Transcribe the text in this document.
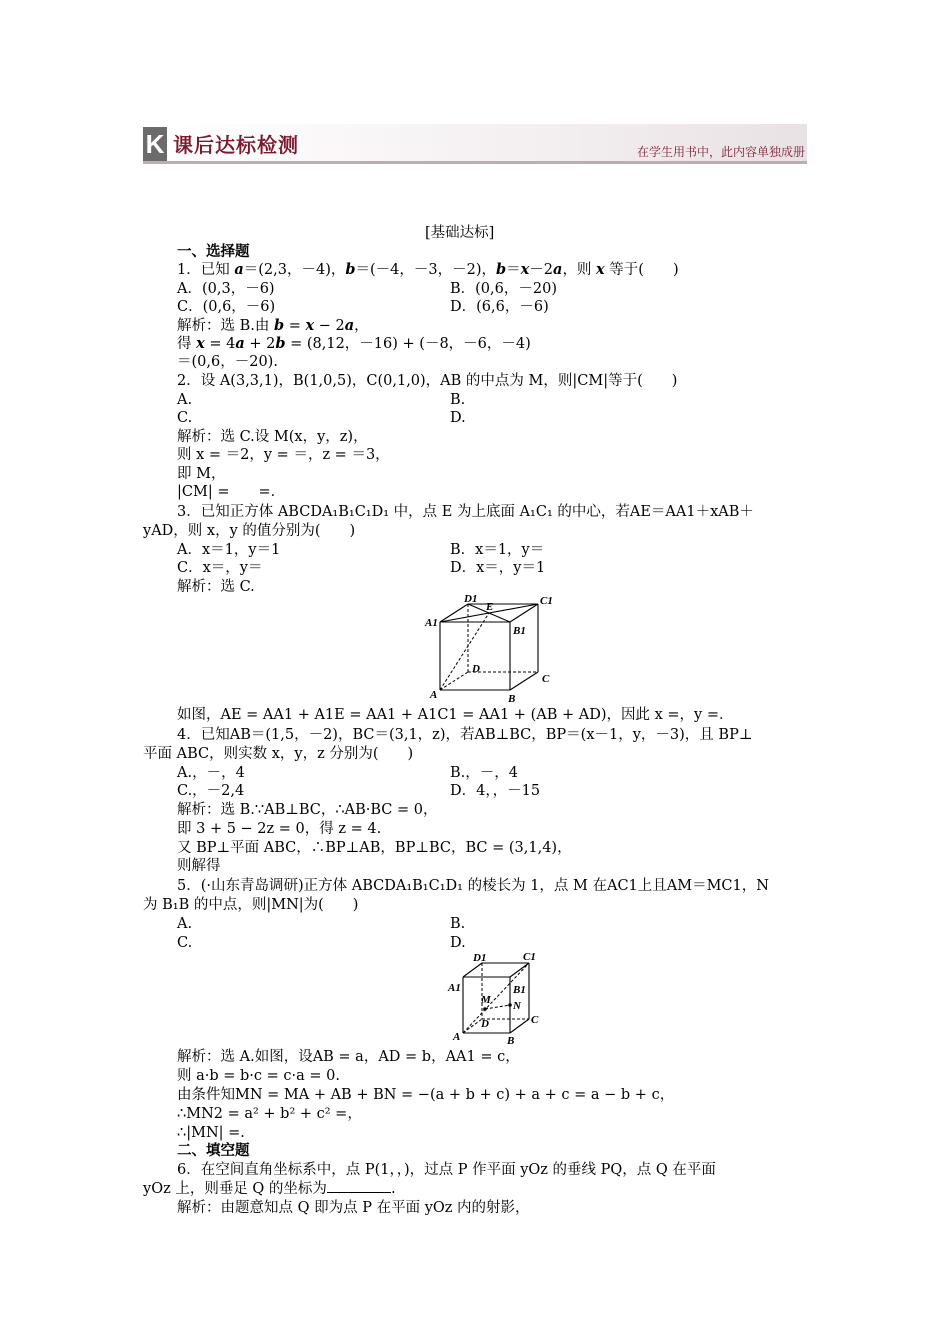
K 课后达标检测	在学生用书中，此内容单独成册
[基础达标]
一、选择题
1．已知 a＝(2,3，－4)，b＝(－4，－3，－2)，b＝x－2a，则 x 等于(　　)
A．(0,3，－6)	B．(0,6，－20)
C．(0,6，－6)	D．(6,6，－6)
解析：选 B.由 b = x − 2a，
得 x = 4a + 2b = (8,12，－16) + (－8，－6，－4)
＝(0,6，－20).
2．设 A(3,3,1)，B(1,0,5)，C(0,1,0)，AB 的中点为 M，则|CM|等于(　　)
A.	B.
C.	D.
解析：选 C.设 M(x，y，z)，
则 x = ＝2，y = ＝，z = ＝3，
即 M，
|CM| =　　=．
3．已知正方体 ABCDA₁B₁C₁D₁ 中，点 E 为上底面 A₁C₁ 的中心，若AE＝AA1＋xAB＋
yAD，则 x，y 的值分别为(　　)
A．x＝1，y＝1	B．x＝1，y＝
C．x＝，y＝	D．x＝，y＝1
解析：选 C.
D1
E	C1
A1
B1
D
C
A	B
如图，AE = AA1 + A1E = AA1 + A1C1 = AA1 + (AB + AD)，因此 x =，y =．
4．已知AB＝(1,5，－2)，BC＝(3,1，z)，若AB⊥BC，BP＝(x－1，y，－3)，且 BP⊥
平面 ABC，则实数 x，y，z 分别为(　　)
A.，－，4	B.，－，4
C.，－2,4	D．4，，－15
解析：选 B.∵AB⊥BC，∴AB·BC = 0，
即 3 + 5 − 2z = 0，得 z = 4.
又 BP⊥平面 ABC，∴BP⊥AB，BP⊥BC，BC = (3,1,4)，
则解得
5．(·山东青岛调研)正方体 ABCDA₁B₁C₁D₁ 的棱长为 1，点 M 在AC1上且AM＝MC1，N
为 B₁B 的中点，则|MN|为(　　)
A.	B.
C.	D.
D1	C1
A1	B1
M N
D	C
A	B
解析：选 A.如图，设AB = a，AD = b，AA1 = c，
则 a·b = b·c = c·a = 0.
由条件知MN = MA + AB + BN = −(a + b + c) + a + c = a − b + c，
∴MN2 = a² + b² + c² =，
∴|MN| =.
二、填空题
6．在空间直角坐标系中，点 P(1，，)，过点 P 作平面 yOz 的垂线 PQ，点 Q 在平面
yOz 上，则垂足 Q 的坐标为	.
解析：由题意知点 Q 即为点 P 在平面 yOz 内的射影，
